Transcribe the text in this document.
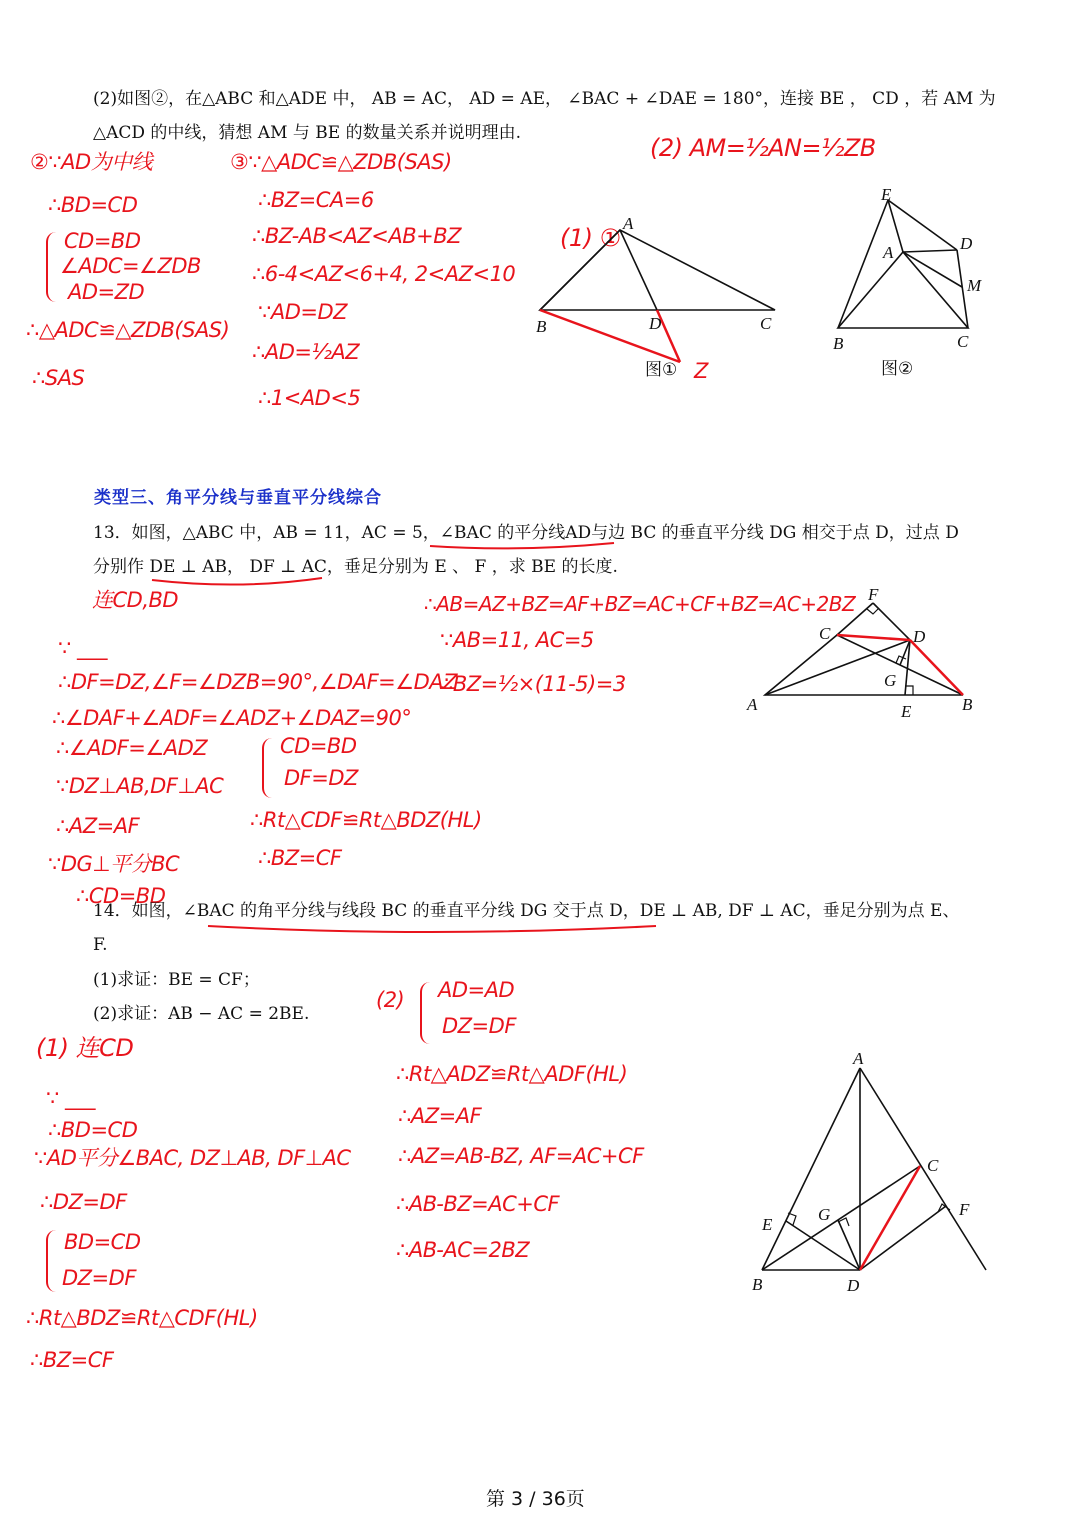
(2)如图②，在△ABC 和△ADE 中， AB = AC， AD = AE， ∠BAC + ∠DAE = 180°，连接 BE ， CD ，若 AM 为
△ACD 的中线，猜想 AM 与 BE 的数量关系并说明理由.
②∵AD为中线
∴BD=CD
CD=BD
∠ADC=∠ZDB
AD=ZD
∴△ADC≌△ZDB(SAS)
∴SAS
③∵△ADC≌△ZDB(SAS)
∴BZ=CA=6
∴BZ-AB<AZ<AB+BZ
∴6-4<AZ<6+4, 2<AZ<10
∵AD=DZ
∴AD=½AZ
∴1<AD<5
(2) AM=½AN=½ZB
(1) ①
A
B	C
D
图① Z
E
A	D
M
B	C
图②
类型三、角平分线与垂直平分线综合
13．如图，△ABC 中，AB = 11，AC = 5，∠BAC 的平分线AD与边 BC 的垂直平分线 DG 相交于点 D，过点 D
分别作 DE ⊥ AB， DF ⊥ AC，垂足分别为 E 、 F ，求 BE 的长度.
连CD,BD
∵ ___
∴DF=DZ,∠F=∠DZB=90°,∠DAF=∠DAZ
∴∠DAF+∠ADF=∠ADZ+∠DAZ=90°
∴∠ADF=∠ADZ
∵DZ⊥AB,DF⊥AC
∴AZ=AF
∵DG⊥平分BC
∴CD=BD
CD=BD
DF=DZ
∴Rt△CDF≌Rt△BDZ(HL)
∴BZ=CF
∴AB=AZ+BZ=AF+BZ=AC+CF+BZ=AC+2BZ
∵AB=11, AC=5
∴BZ=½×(11-5)=3
F
C	D
G
A	E	B
14．如图，∠BAC 的角平分线与线段 BC 的垂直平分线 DG 交于点 D，DE ⊥ AB, DF ⊥ AC，垂足分别为点 E、
F.
(1)求证：BE = CF；
(2)求证：AB − AC = 2BE.
(1) 连CD
∵ ___
∴BD=CD
∵AD平分∠BAC, DZ⊥AB, DF⊥AC
∴DZ=DF
BD=CD
DZ=DF
∴Rt△BDZ≌Rt△CDF(HL)
∴BZ=CF
(2) AD=AD
DZ=DF
∴Rt△ADZ≌Rt△ADF(HL)
∴AZ=AF
∴AZ=AB-BZ, AF=AC+CF
∴AB-BZ=AC+CF
∴AB-AC=2BZ
A
C
E
G	F
B	D
第 3 / 36页
